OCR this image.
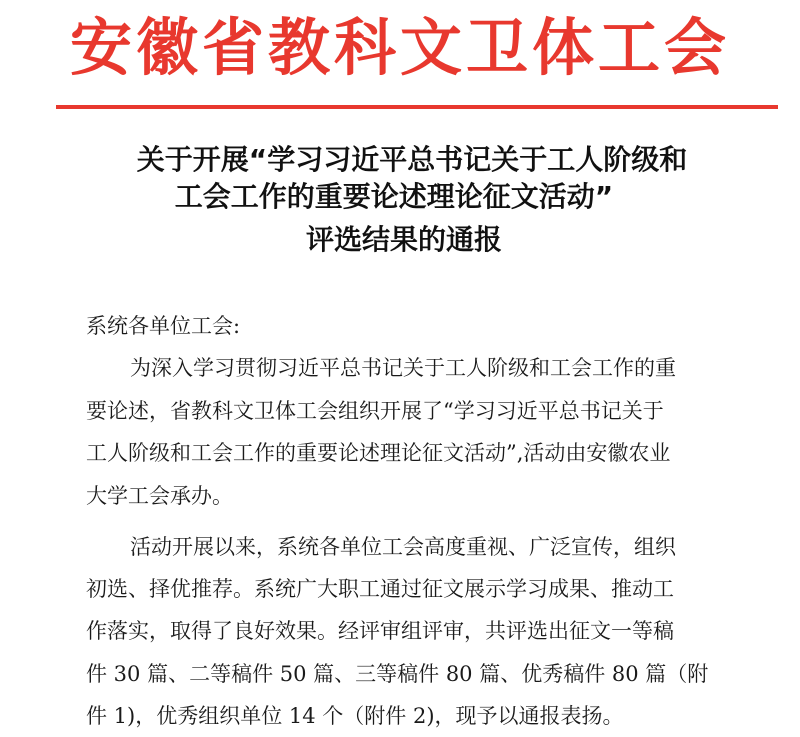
安徽省教科文卫体工会
关于开展“学习习近平总书记关于工人阶级和
工会工作的重要论述理论征文活动”
评选结果的通报
系统各单位工会:
为深入学习贯彻习近平总书记关于工人阶级和工会工作的重
要论述，省教科文卫体工会组织开展了“学习习近平总书记关于
工人阶级和工会工作的重要论述理论征文活动”,活动由安徽农业
大学工会承办。
活动开展以来，系统各单位工会高度重视、广泛宣传，组织
初选、择优推荐。系统广大职工通过征文展示学习成果、推动工
作落实，取得了良好效果。经评审组评审，共评选出征文一等稿
件 30 篇、二等稿件 50 篇、三等稿件 80 篇、优秀稿件 80 篇（附
件 1)，优秀组织单位 14 个（附件 2)，现予以通报表扬。
